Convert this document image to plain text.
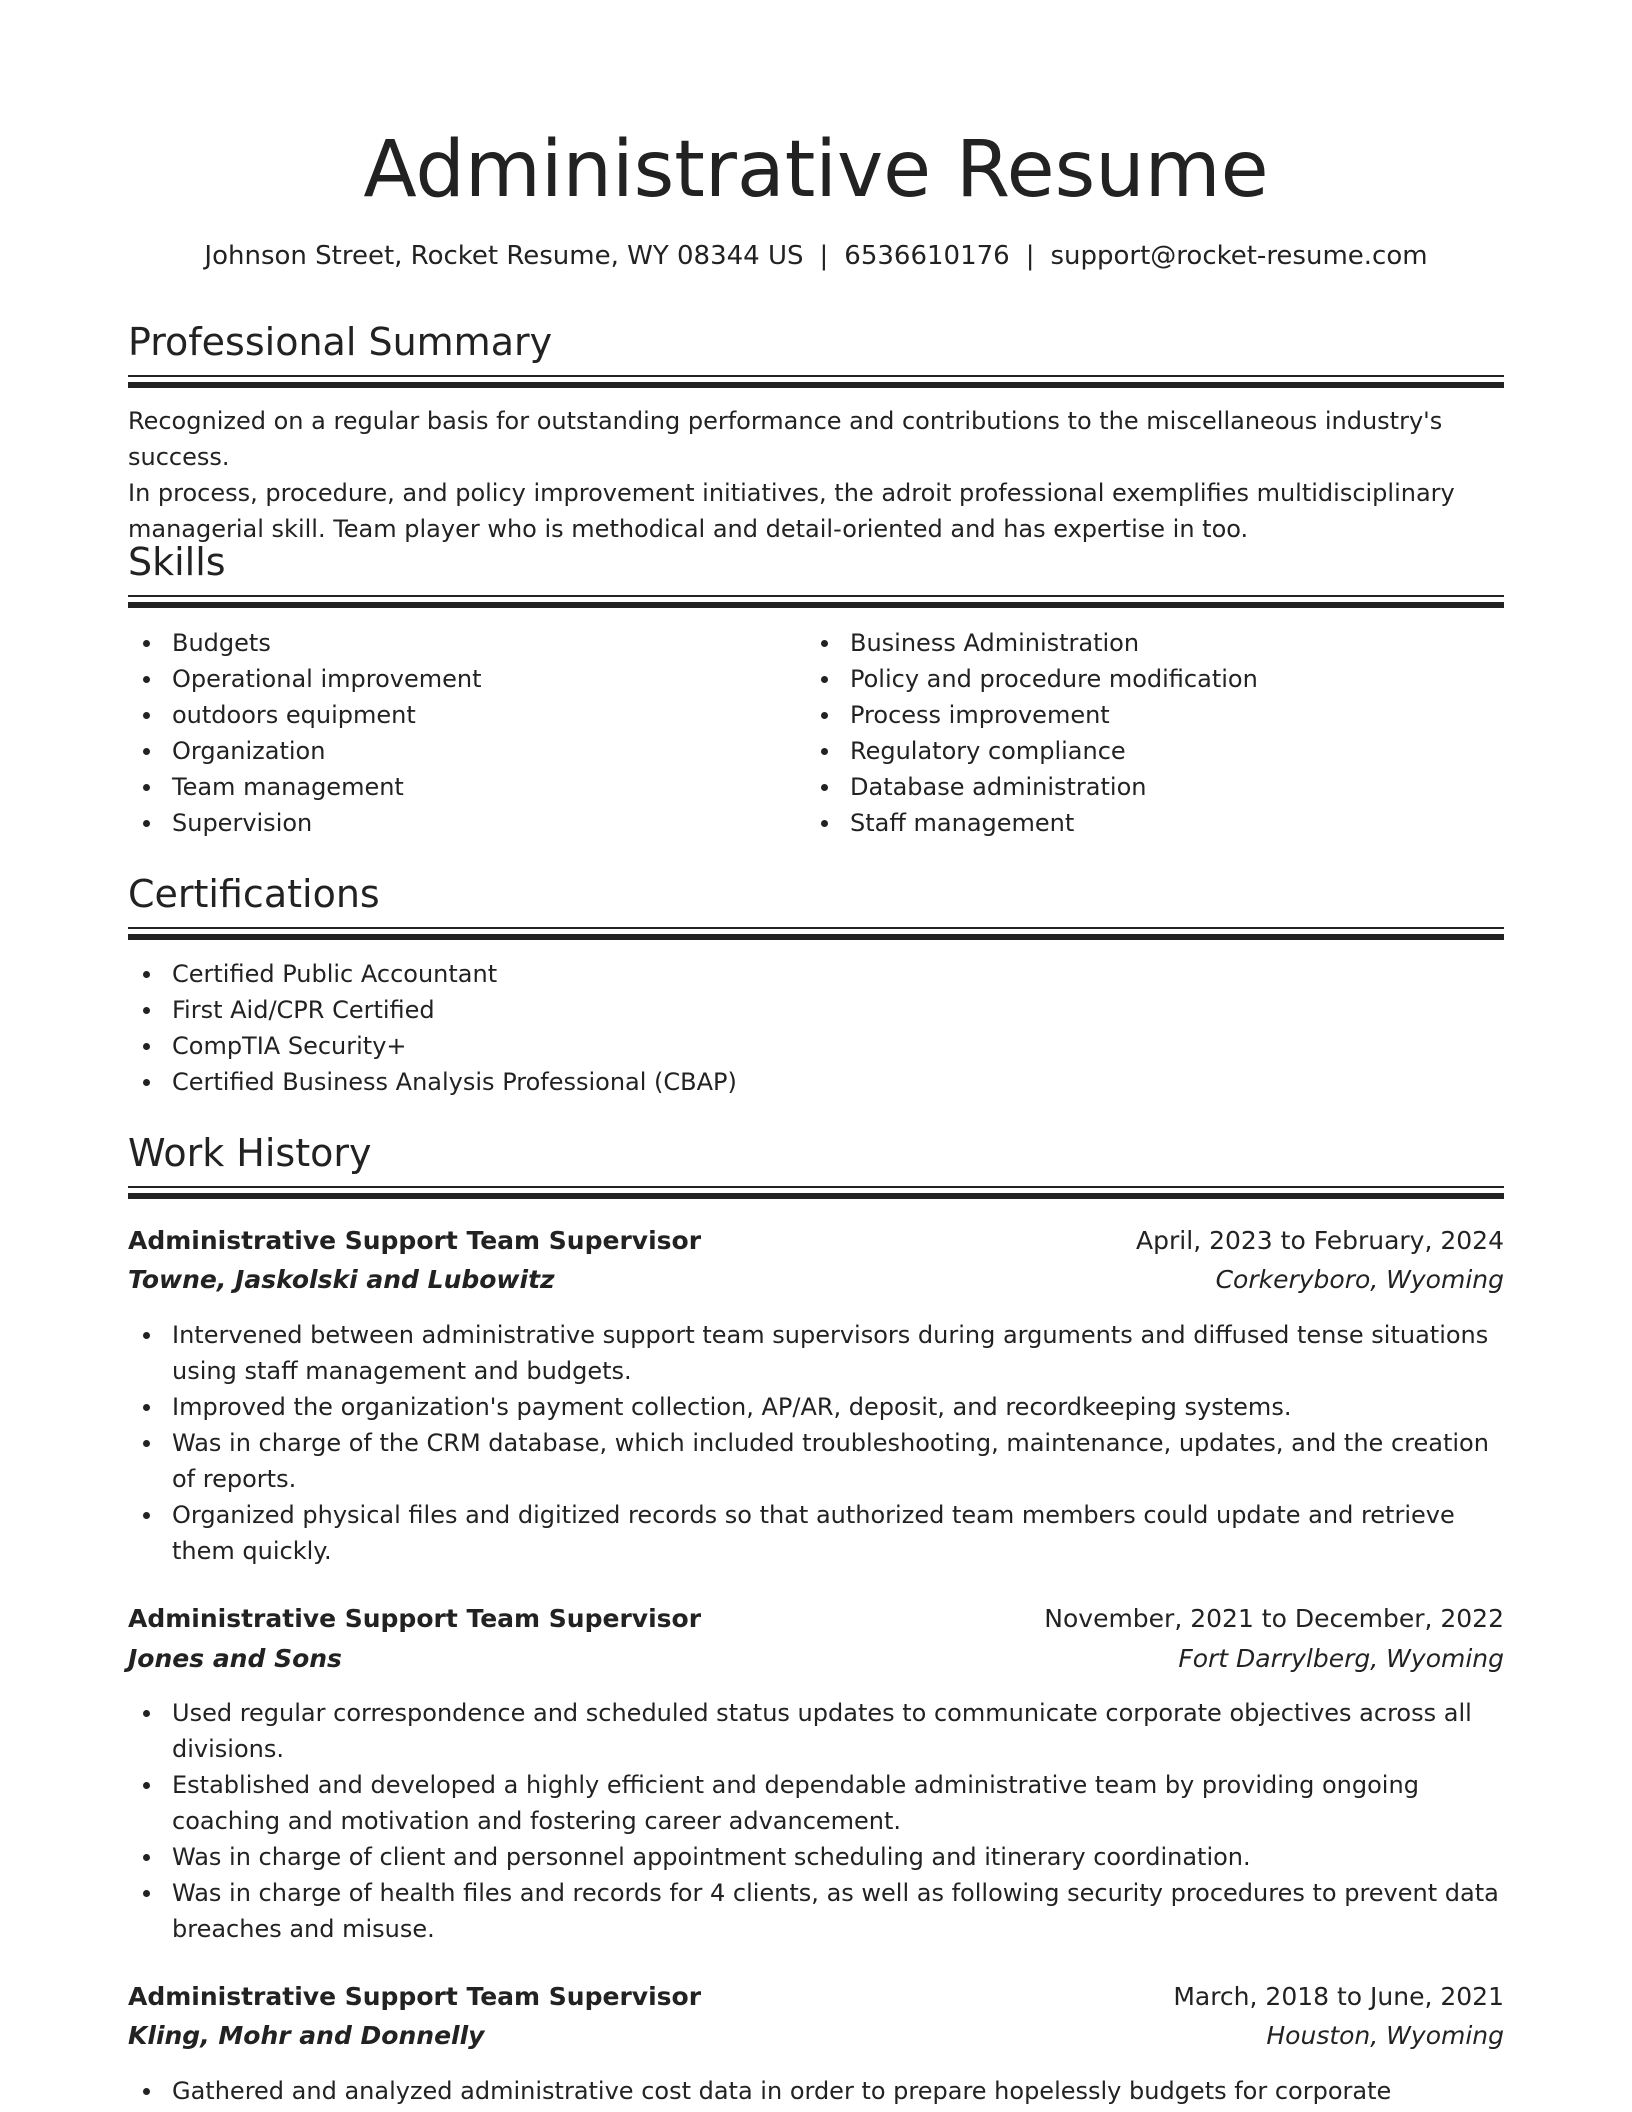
Administrative Resume
Johnson Street, Rocket Resume, WY 08344 US | 6536610176 | support@rocket-resume.com
Professional Summary
Recognized on a regular basis for outstanding performance and contributions to the miscellaneous industry's success.
In process, procedure, and policy improvement initiatives, the adroit professional exemplifies multidisciplinary
managerial skill. Team player who is methodical and detail-oriented and has expertise in too.
Skills
Budgets
Operational improvement
outdoors equipment
Organization
Team management
Supervision
Business Administration
Policy and procedure modification
Process improvement
Regulatory compliance
Database administration
Staff management
Certifications
Certified Public Accountant
First Aid/CPR Certified
CompTIA Security+
Certified Business Analysis Professional (CBAP)
Work History
Administrative Support Team Supervisor	April, 2023 to February, 2024
Towne, Jaskolski and Lubowitz	Corkeryboro, Wyoming
Intervened between administrative support team supervisors during arguments and diffused tense situations using staff management and budgets.
Improved the organization's payment collection, AP/AR, deposit, and recordkeeping systems.
Was in charge of the CRM database, which included troubleshooting, maintenance, updates, and the creation of reports.
Organized physical files and digitized records so that authorized team members could update and retrieve them quickly.
Administrative Support Team Supervisor	November, 2021 to December, 2022
Jones and Sons	Fort Darrylberg, Wyoming
Used regular correspondence and scheduled status updates to communicate corporate objectives across all divisions.
Established and developed a highly efficient and dependable administrative team by providing ongoing coaching and motivation and fostering career advancement.
Was in charge of client and personnel appointment scheduling and itinerary coordination.
Was in charge of health files and records for 4 clients, as well as following security procedures to prevent data breaches and misuse.
Administrative Support Team Supervisor	March, 2018 to June, 2021
Kling, Mohr and Donnelly	Houston, Wyoming
Gathered and analyzed administrative cost data in order to prepare hopelessly budgets for corporate
